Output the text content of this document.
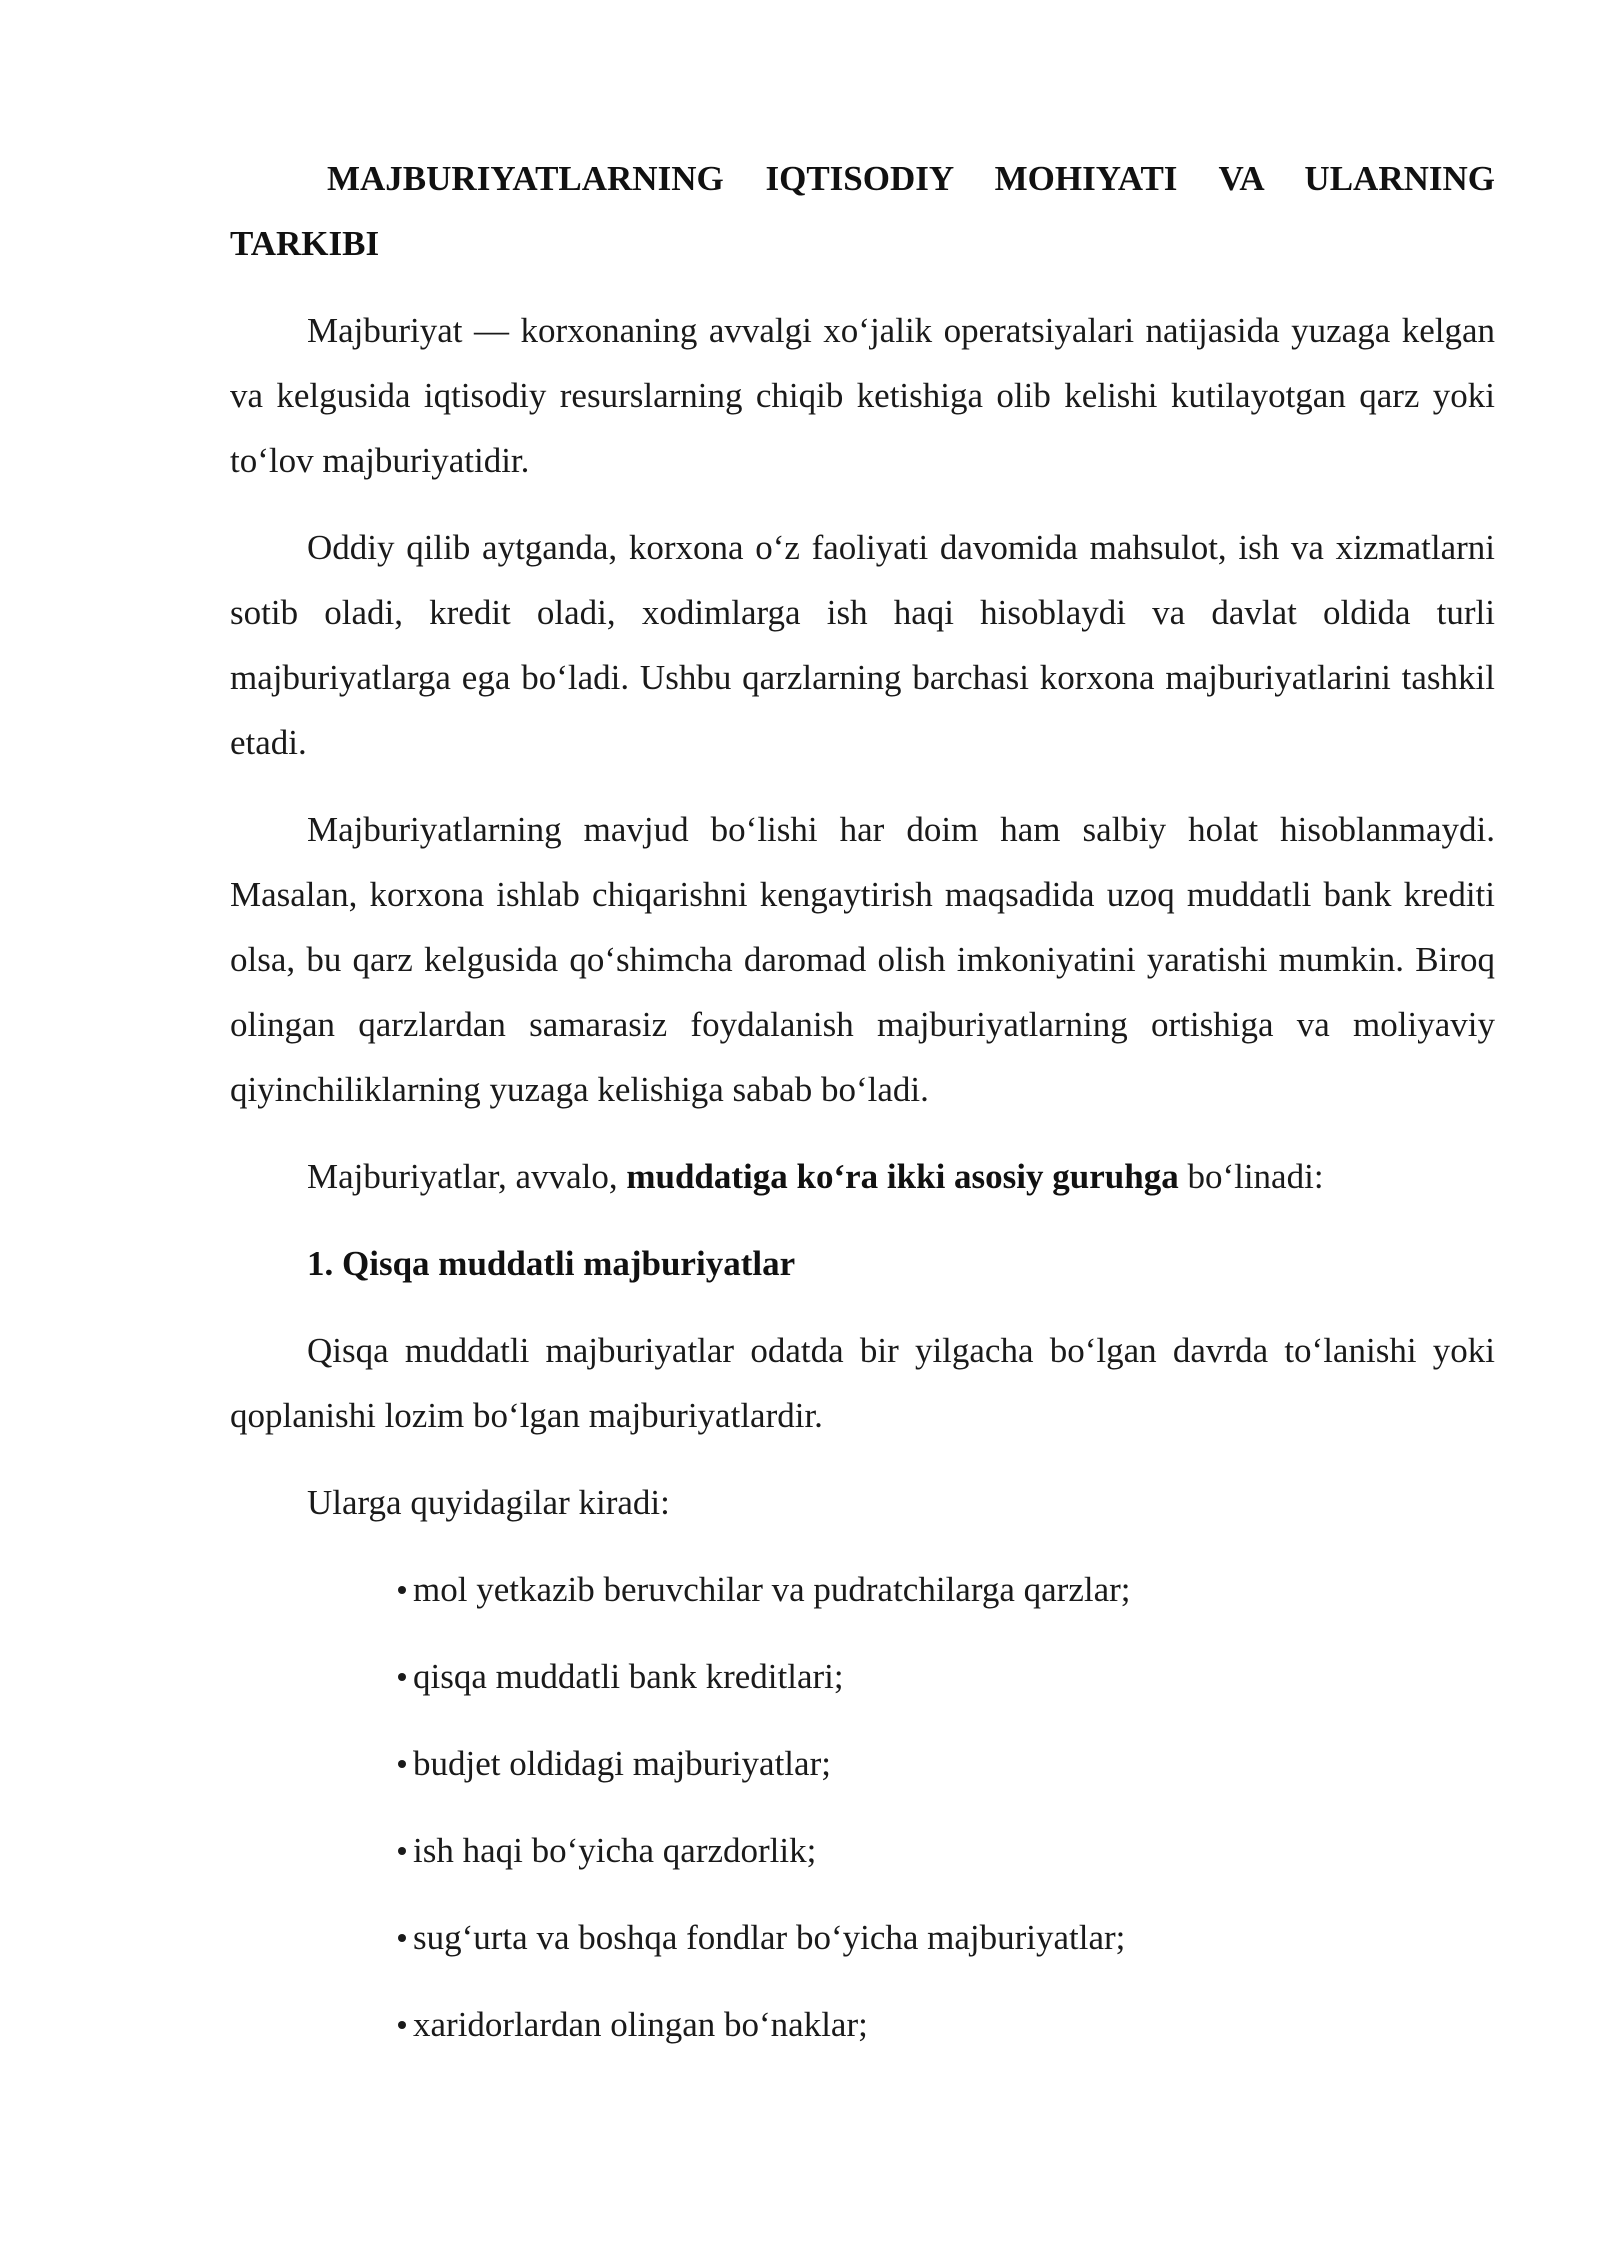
MAJBURIYATLARNING IQTISODIY MOHIYATI VA ULARNING TARKIBI

Majburiyat — korxonaning avvalgi xo‘jalik operatsiyalari natijasida yuzaga kelgan va kelgusida iqtisodiy resurslarning chiqib ketishiga olib kelishi kutilayotgan qarz yoki to‘lov majburiyatidir.

Oddiy qilib aytganda, korxona o‘z faoliyati davomida mahsulot, ish va xizmatlarni sotib oladi, kredit oladi, xodimlarga ish haqi hisoblaydi va davlat oldida turli majburiyatlarga ega bo‘ladi. Ushbu qarzlarning barchasi korxona majburiyatlarini tashkil etadi.

Majburiyatlarning mavjud bo‘lishi har doim ham salbiy holat hisoblanmaydi. Masalan, korxona ishlab chiqarishni kengaytirish maqsadida uzoq muddatli bank krediti olsa, bu qarz kelgusida qo‘shimcha daromad olish imkoniyatini yaratishi mumkin. Biroq olingan qarzlardan samarasiz foydalanish majburiyatlarning ortishiga va moliyaviy qiyinchiliklarning yuzaga kelishiga sabab bo‘ladi.

Majburiyatlar, avvalo, muddatiga ko‘ra ikki asosiy guruhga bo‘linadi:

1. Qisqa muddatli majburiyatlar

Qisqa muddatli majburiyatlar odatda bir yilgacha bo‘lgan davrda to‘lanishi yoki qoplanishi lozim bo‘lgan majburiyatlardir.

Ularga quyidagilar kiradi:

mol yetkazib beruvchilar va pudratchilarga qarzlar;
qisqa muddatli bank kreditlari;
budjet oldidagi majburiyatlar;
ish haqi bo‘yicha qarzdorlik;
sug‘urta va boshqa fondlar bo‘yicha majburiyatlar;
xaridorlardan olingan bo‘naklar;
